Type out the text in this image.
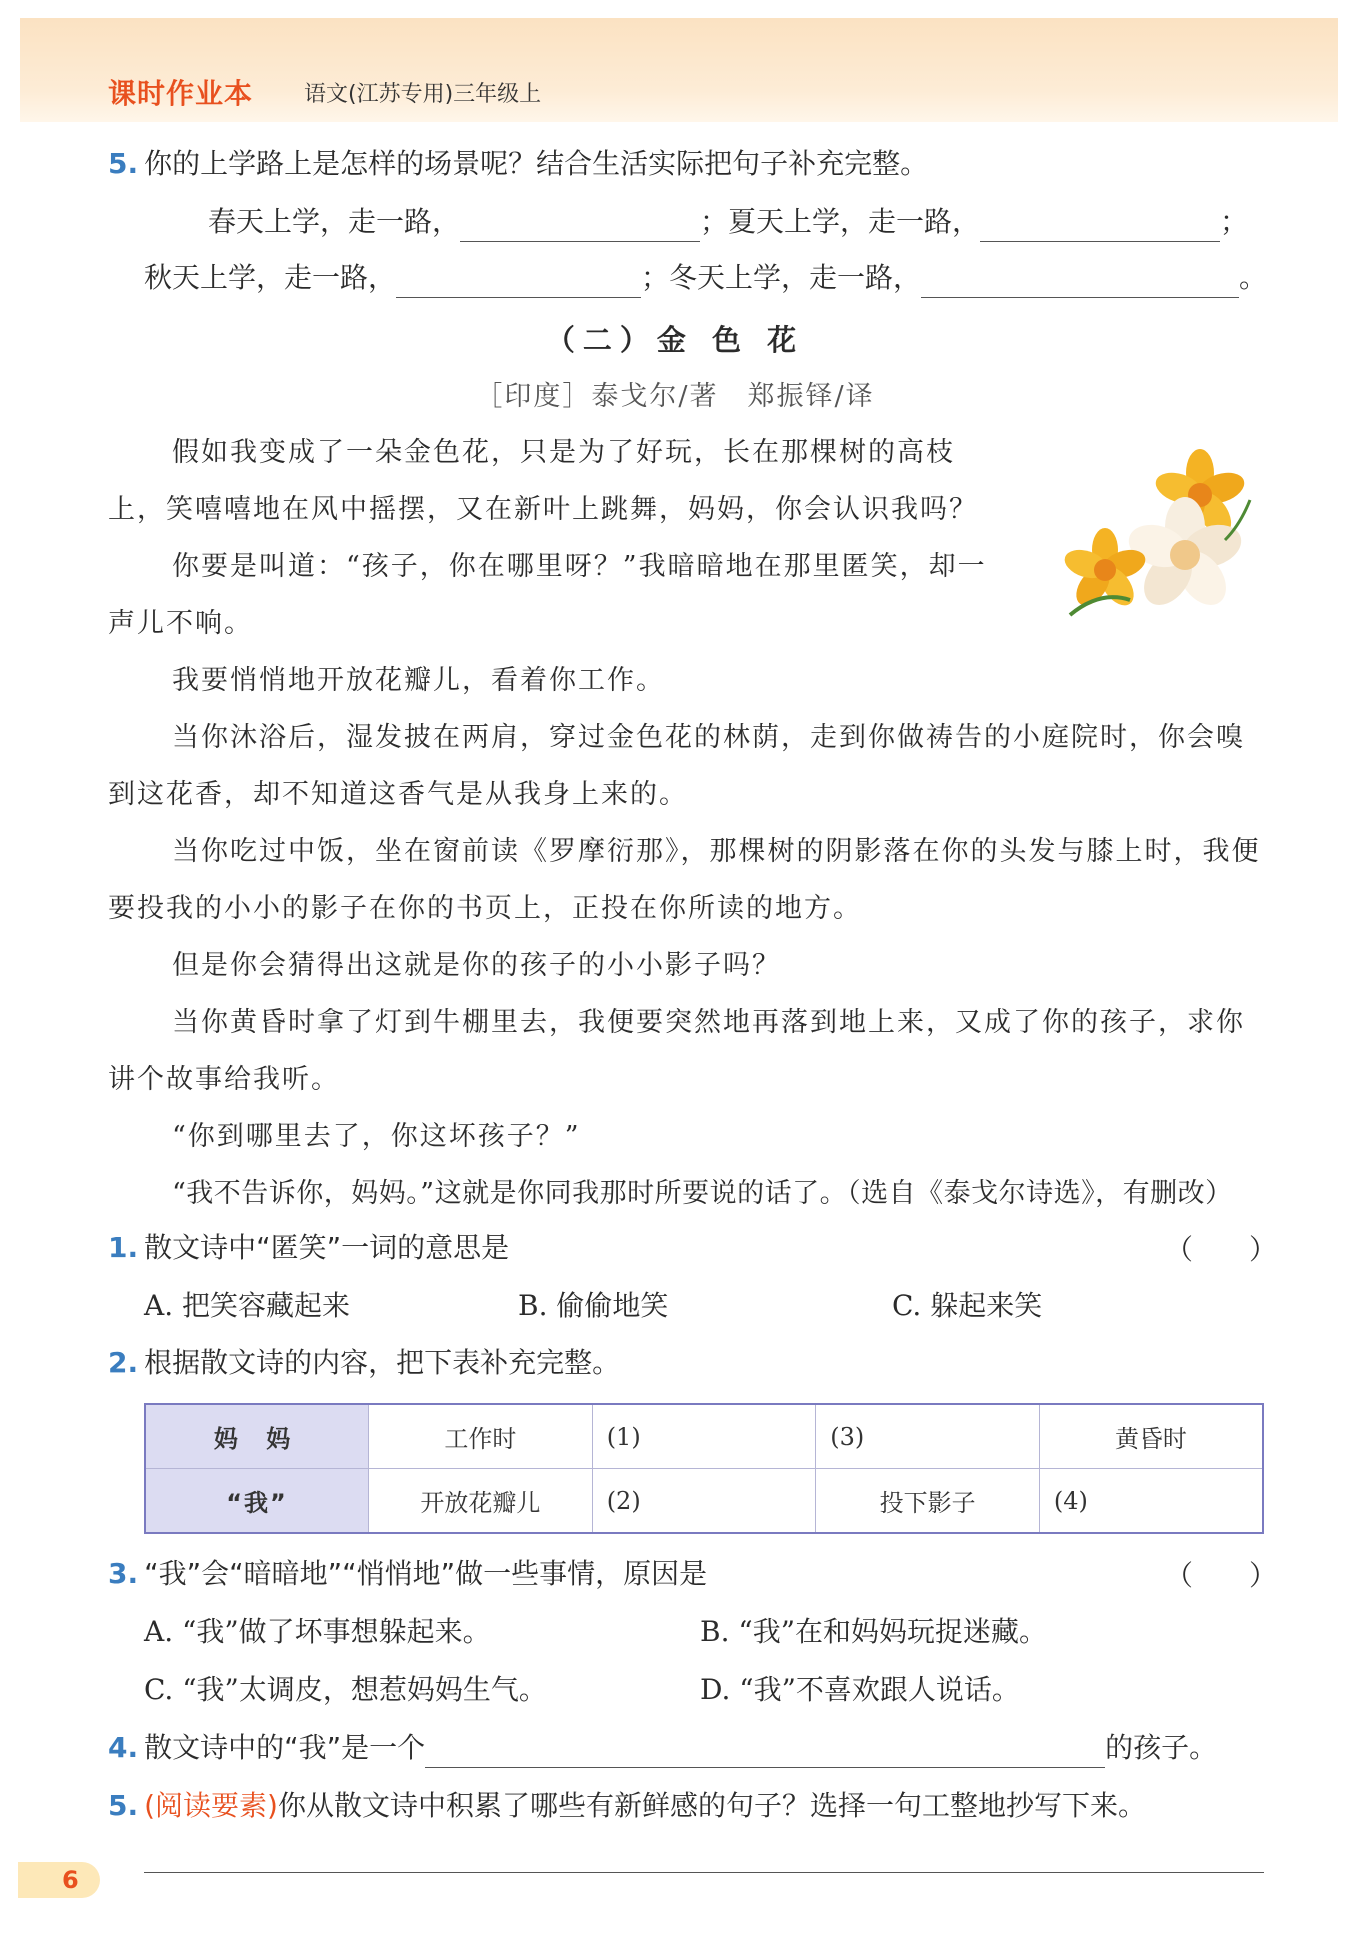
课时作业本 语文(江苏专用)三年级上
5. 你的上学路上是怎样的场景呢？结合生活实际把句子补充完整。
春天上学，走一路，	；夏天上学，走一路，	；
秋天上学，走一路，	；冬天上学，走一路，	。
（二）金 色 花
［印度］泰戈尔/著　郑振铎/译

假如我变成了一朵金色花，只是为了好玩，长在那棵树的高枝

上，笑嘻嘻地在风中摇摆，又在新叶上跳舞，妈妈，你会认识我吗？

你要是叫道：“孩子，你在哪里呀？”我暗暗地在那里匿笑，却一

声儿不响。

我要悄悄地开放花瓣儿，看着你工作。

当你沐浴后，湿发披在两肩，穿过金色花的林荫，走到你做祷告的小庭院时，你会嗅到这花香，却不知道这香气是从我身上来的。

当你吃过中饭，坐在窗前读《罗摩衍那》，那棵树的阴影落在你的头发与膝上时，我便要投我的小小的影子在你的书页上，正投在你所读的地方。

但是你会猜得出这就是你的孩子的小小影子吗？

当你黄昏时拿了灯到牛棚里去，我便要突然地再落到地上来，又成了你的孩子，求你讲个故事给我听。

“你到哪里去了，你这坏孩子？”

“我不告诉你，妈妈。”这就是你同我那时所要说的话了。（选自《泰戈尔诗选》，有删改）

1. 散文诗中“匿笑”一词的意思是	（　　）
A. 把笑容藏起来	B. 偷偷地笑	C. 躲起来笑
2. 根据散文诗的内容，把下表补充完整。
妈 妈	工作时	(1)	(3)	黄昏时
“我”	开放花瓣儿	(2)	投下影子	(4)
3. “我”会“暗暗地”“悄悄地”做一些事情，原因是	（　　）
A. “我”做了坏事想躲起来。	B. “我”在和妈妈玩捉迷藏。
C. “我”太调皮，想惹妈妈生气。	D. “我”不喜欢跟人说话。
4. 散文诗中的“我”是一个	的孩子。
5. (阅读要素)你从散文诗中积累了哪些有新鲜感的句子？选择一句工整地抄写下来。
6
